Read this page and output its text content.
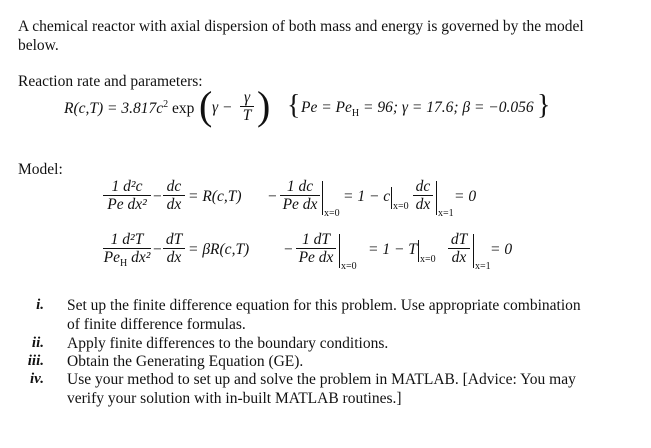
A chemical reactor with axial dispersion of both mass and energy is governed by the model
below.
Reaction rate and parameters:
$R(c,T) = 3.817c^2$ exp ( $\gamma - \frac{\gamma}{T}$ ) { $Pe = Pe_H = 96$; γ = 17.6; β = −0.056 }
Model:
$\frac{\text{1 d²c}}{\text{Pe dx²}} - \frac{dc}{dx} = R(c,T) - \frac{1 dc}{\text{Pe dx}} x=0$
= 1 − c
$x=0 \frac{dc}{dx} x=1$
= 0
1 d²T
$Pe_H$ $dx^2 - \frac{dT}{dx} = \beta R(c,T) - \frac{1 dT}{\text{Pe dx}} x=0$
= 1 − T
$x=0 \frac{dT}{dx} x=1$
= 0
i. Set up the finite difference equation for this problem. Use appropriate combination
of finite difference formulas.
ii. Apply finite differences to the boundary conditions.
iii. Obtain the Generating Equation (GE).
iv. Use your method to set up and solve the problem in MATLAB. [Advice: You may
verify your solution with in-built MATLAB routines.]
